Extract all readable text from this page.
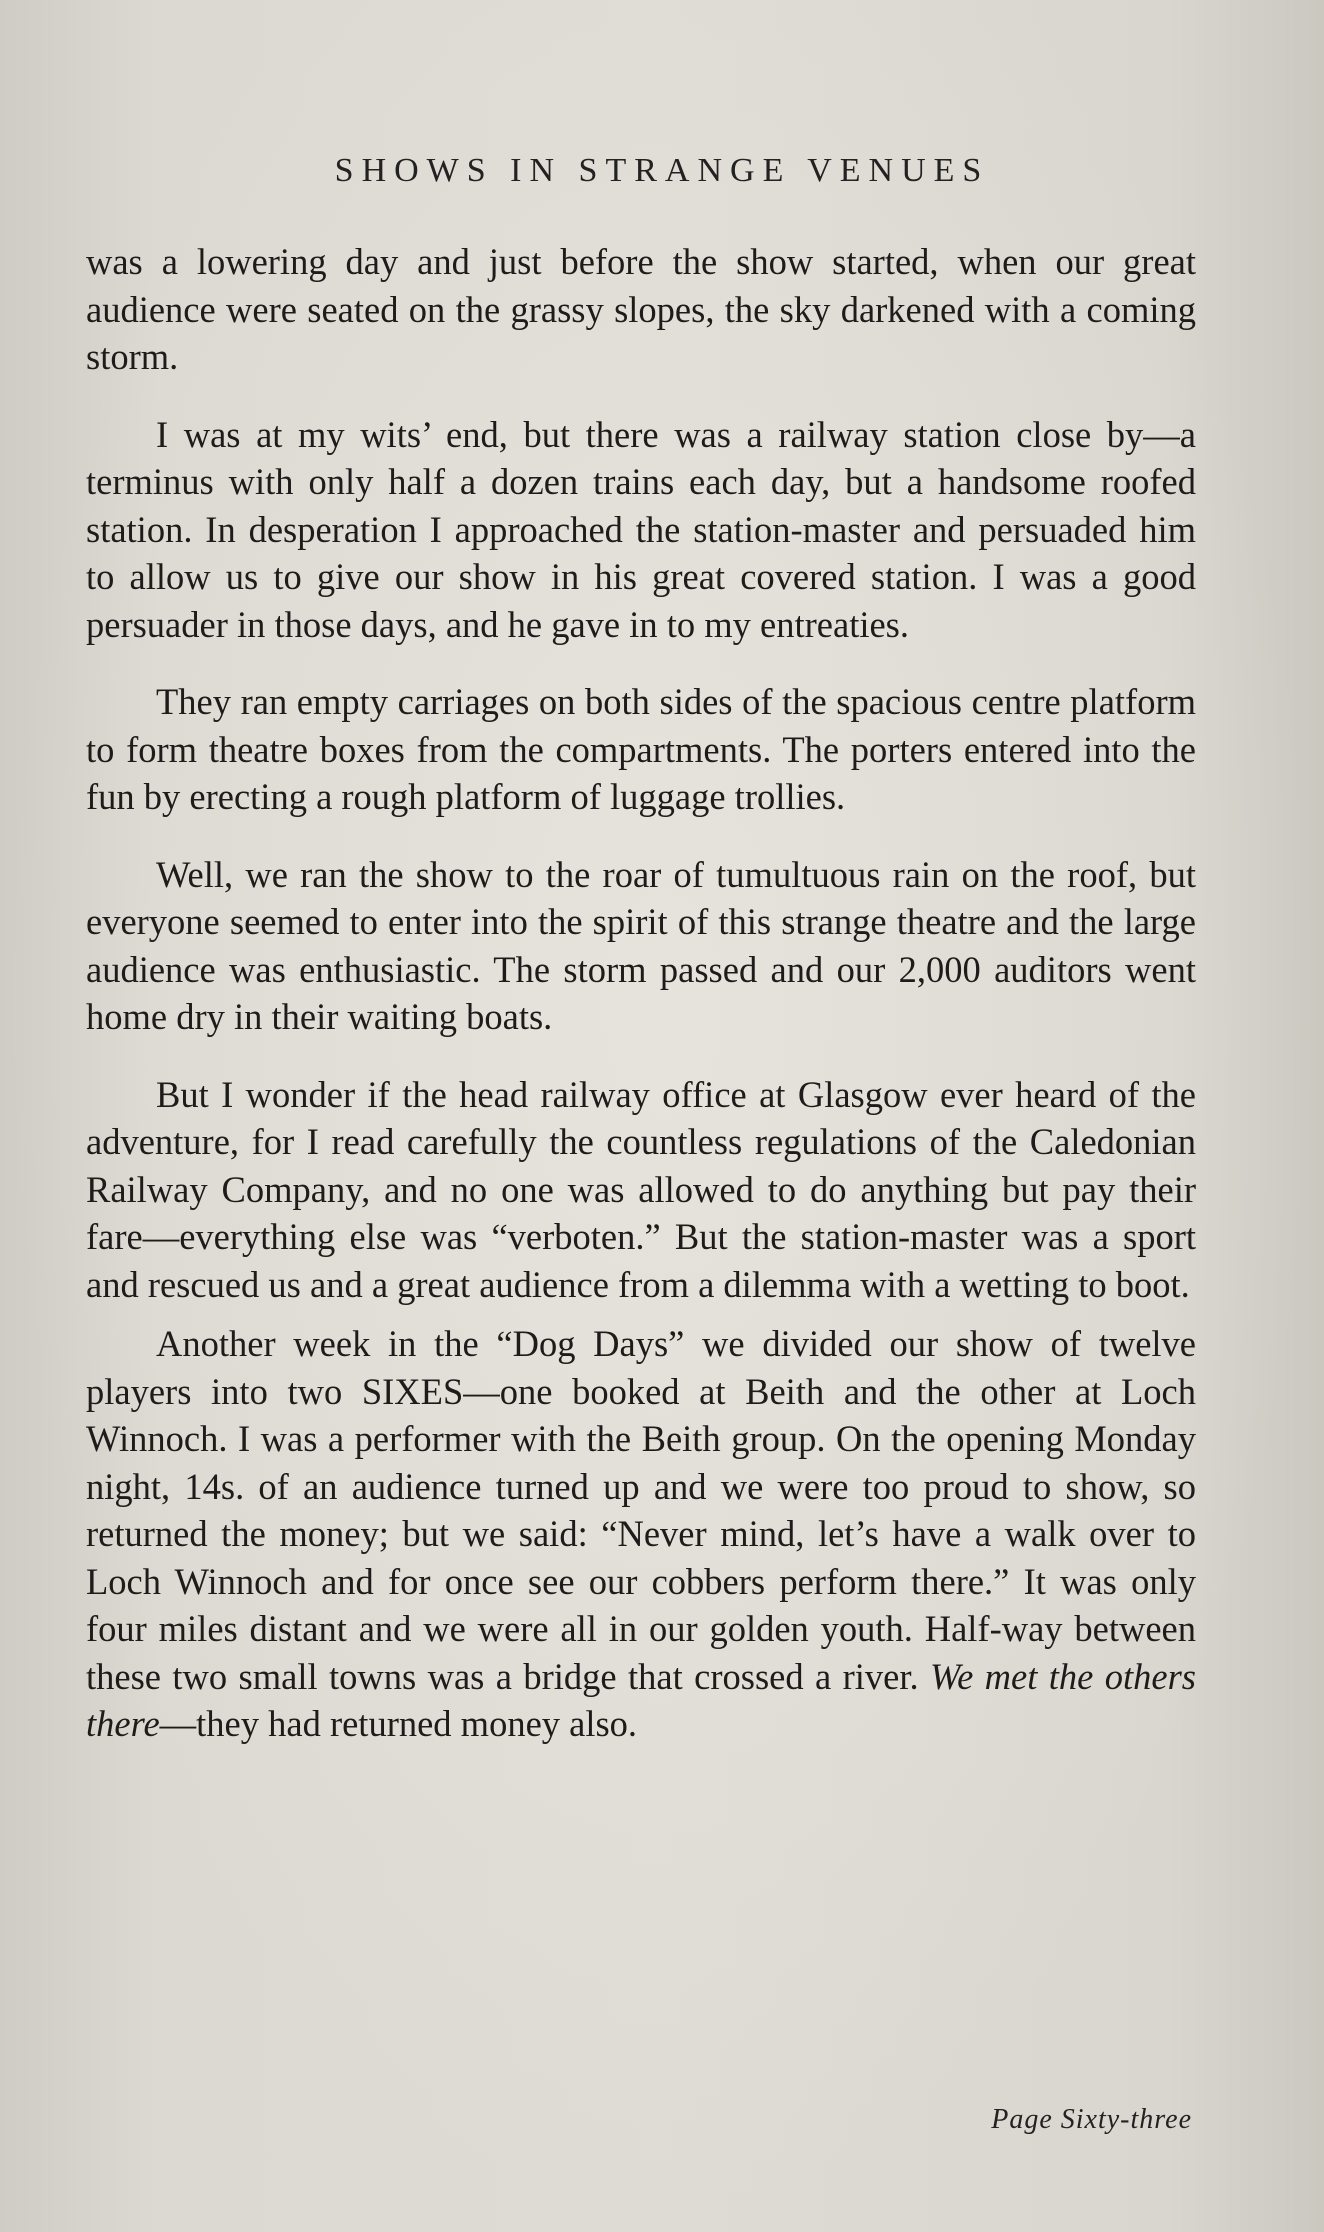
SHOWS IN STRANGE VENUES

was a lowering day and just before the show started, when our great audience were seated on the grassy slopes, the sky darkened with a coming storm.

I was at my wits’ end, but there was a railway station close by—a terminus with only half a dozen trains each day, but a handsome roofed station. In desperation I approached the station-master and persuaded him to allow us to give our show in his great covered station. I was a good persuader in those days, and he gave in to my entreaties.

They ran empty carriages on both sides of the spacious centre platform to form theatre boxes from the compartments. The porters entered into the fun by erecting a rough platform of luggage trollies.

Well, we ran the show to the roar of tumultuous rain on the roof, but everyone seemed to enter into the spirit of this strange theatre and the large audience was enthusiastic. The storm passed and our 2,000 auditors went home dry in their waiting boats.

But I wonder if the head railway office at Glasgow ever heard of the adventure, for I read carefully the countless regulations of the Caledonian Railway Company, and no one was allowed to do anything but pay their fare—everything else was “verboten.” But the station-master was a sport and rescued us and a great audience from a dilemma with a wetting to boot.

Another week in the “Dog Days” we divided our show of twelve players into two SIXES—one booked at Beith and the other at Loch Winnoch. I was a performer with the Beith group. On the opening Monday night, 14s. of an audience turned up and we were too proud to show, so returned the money; but we said: “Never mind, let’s have a walk over to Loch Winnoch and for once see our cobbers perform there.” It was only four miles distant and we were all in our golden youth. Half-way between these two small towns was a bridge that crossed a river. We met the others there—they had returned money also.

Page Sixty-three
